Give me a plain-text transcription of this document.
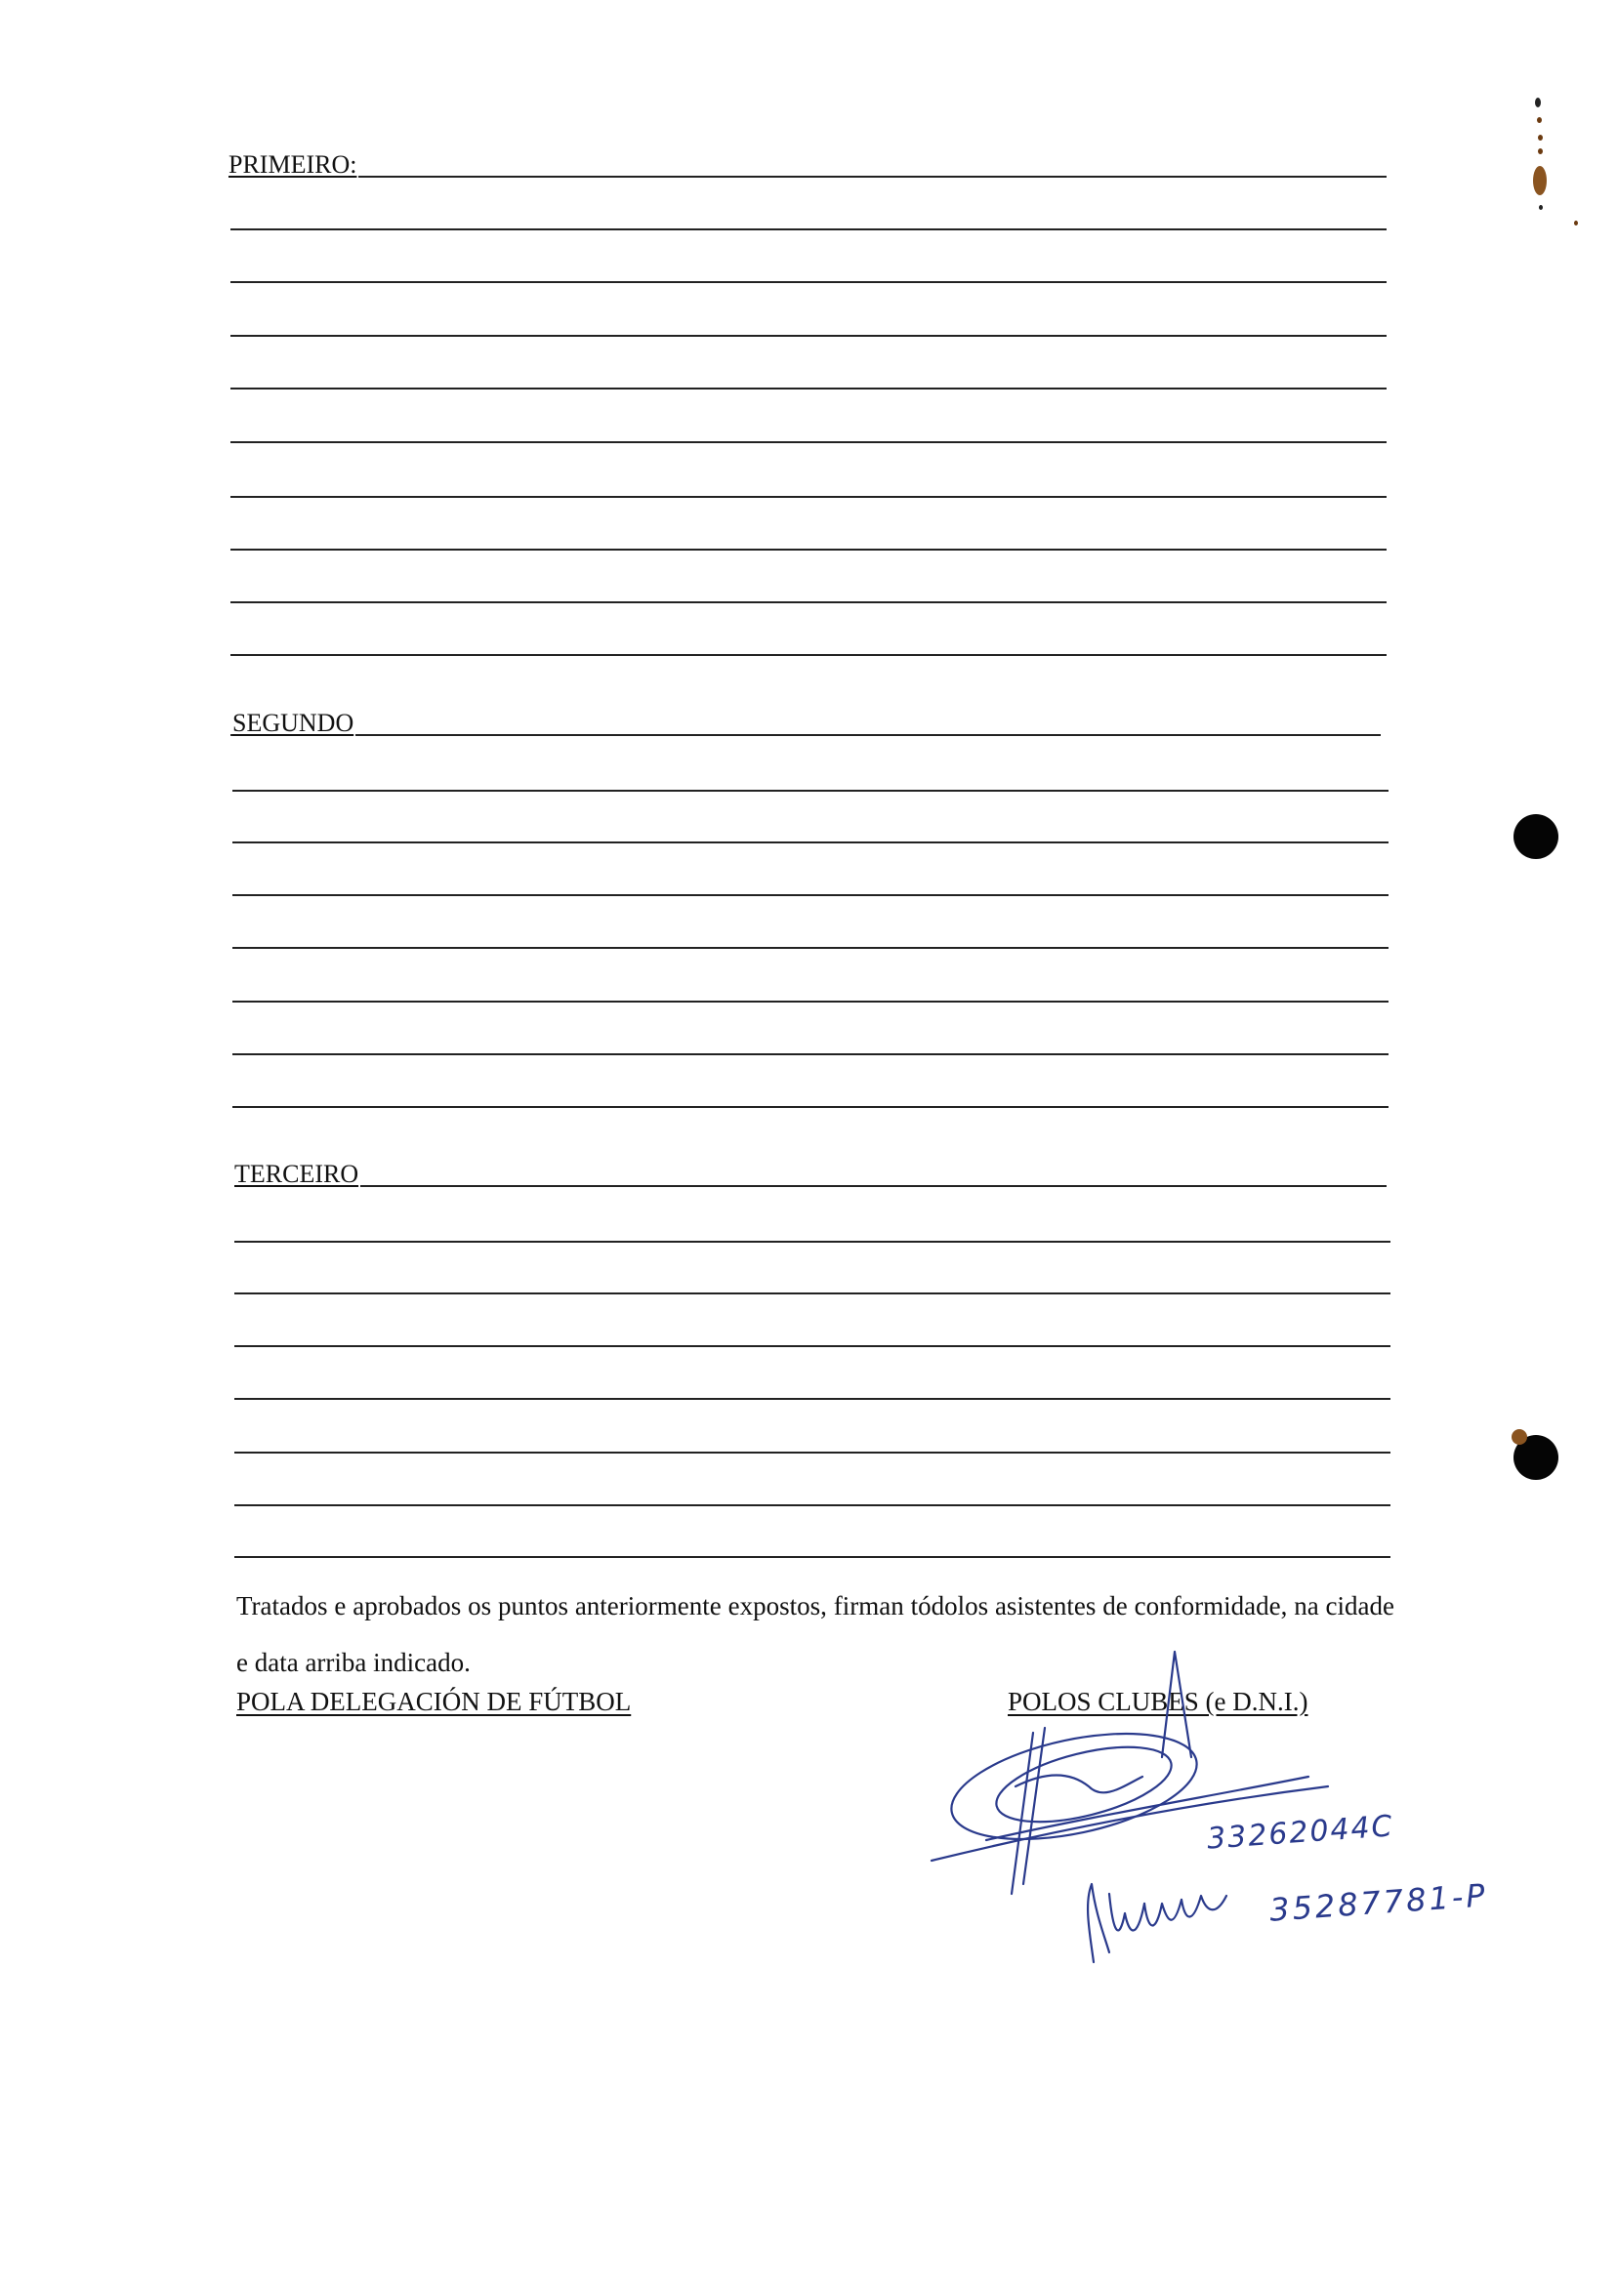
PRIMEIRO:
SEGUNDO
TERCEIRO

Tratados e aprobados os puntos anteriormente expostos, firman tódolos asistentes de conformidade, na cidade e data arriba indicado.

POLA DELEGACIÓN DE FÚTBOL	POLOS CLUBES (e D.N.I.)
33262044C
35287781-P
